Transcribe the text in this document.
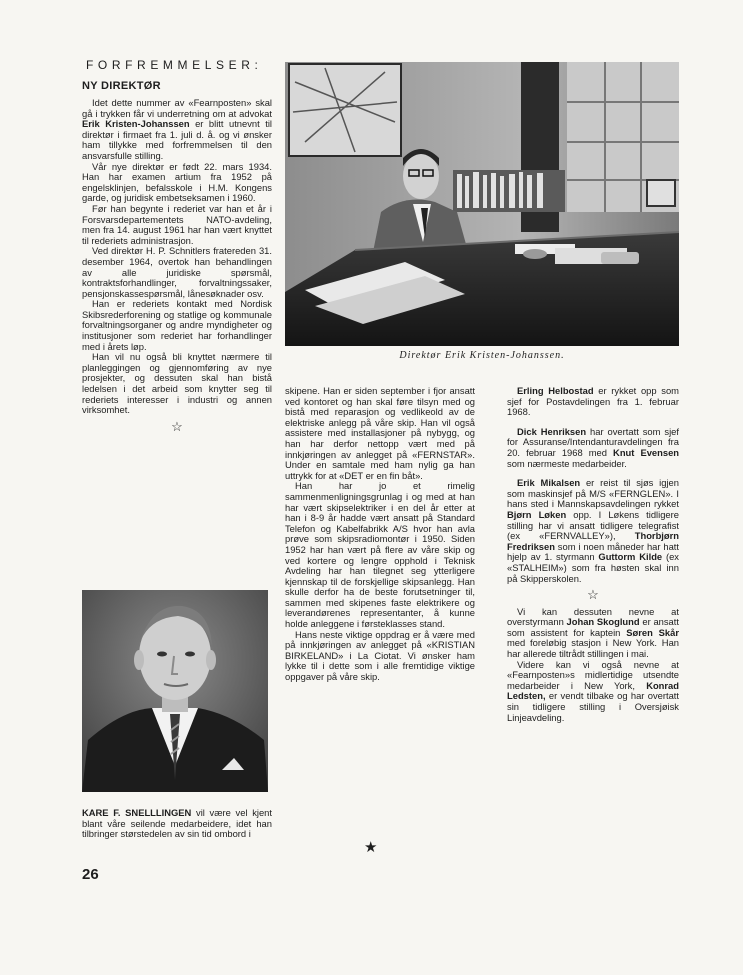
FORFREMMELSER:
NY DIREKTØR

Idet dette nummer av «Fearnposten» skal gå i trykken får vi underretning om at advokat Erik Kristen-Johanssen er blitt utnevnt til direktør i firmaet fra 1. juli d. å. og vi ønsker ham tillykke med forfremmelsen til den ansvarsfulle stilling.

Vår nye direktør er født 22. mars 1934. Han har examen artium fra 1952 på engelsklinjen, befalsskole i H.M. Kongens garde, og juridisk embetseksamen i 1960.

Før han begynte i rederiet var han et år i Forsvarsdepartementets NATO-avdeling, men fra 14. august 1961 har han vært knyttet til rederiets administrasjon.

Ved direktør H. P. Schnitlers fratereden 31. desember 1964, overtok han behandlingen av alle juridiske spørsmål, kontraktsforhandlinger, forvaltningssaker, pensjonskassespørsmål, lånesøknader osv.

Han er rederiets kontakt med Nordisk Skibsrederforening og statlige og kommunale forvaltningsorganer og andre myndigheter og institusjoner som rederiet har forhandlinger med i årets løp.

Han vil nu også bli knyttet nærmere til planleggingen og gjennomføring av nye prosjekter, og dessuten skal han bistå ledelsen i det arbeid som knytter seg til rederiets interesser i industri og annen virksomhet.

☆

Direktør Erik Kristen-Johanssen.

skipene. Han er siden september i fjor ansatt ved kontoret og han skal føre tilsyn med og bistå med reparasjon og vedlikeold av de elektriske anlegg på våre skip. Han vil også assistere med installasjoner på nybygg, og han har derfor nettopp vært med på innkjøringen av anlegget på «FERNSTAR». Under en samtale med ham nylig ga han uttrykk for at «DET er en fin båt».

Han har jo et rimelig sammenmenligningsgrunlag i og med at han har vært skipselektriker i en del år etter at han i 8-9 år hadde vært ansatt på Standard Telefon og Kabelfabrikk A/S hvor han avla prøve som skipsradiomontør i 1950. Siden 1952 har han vært på flere av våre skip og ved kortere og lengre opphold i Teknisk Avdeling har han tilegnet seg ytterligere kjennskap til de forskjellige skipsanlegg. Han skulle derfor ha de beste forutsetninger til, sammen med skipenes faste elektrikere og leverandørenes representanter, å kunne holde anleggene i førsteklasses stand.

Hans neste viktige oppdrag er å være med på innkjøringen av anlegget på «KRISTIAN BIRKELAND» i La Ciotat. Vi ønsker ham lykke til i dette som i alle fremtidige viktige oppgaver på våre skip.

KARE F. SNELLLINGEN vil være vel kjent blant våre seilende medarbeidere, idet han tilbringer størstedelen av sin tid ombord i

Erling Helbostad er rykket opp som sjef for Postavdelingen fra 1. februar 1968.

Dick Henriksen har overtatt som sjef for Assuranse/Intendanturavdelingen fra 20. februar 1968 med Knut Evensen som nærmeste medarbeider.

Erik Mikalsen er reist til sjøs igjen som maskinsjef på M/S «FERNGLEN». I hans sted i Mannskapsavdelingen rykket Bjørn Løken opp. I Løkens tidligere stilling har vi ansatt tidligere telegrafist (ex «FERNVALLEY»), Thorbjørn Fredriksen som i noen måneder har hatt hjelp av 1. styrmann Guttorm Kilde (ex «STALHEIM») som fra høsten skal inn på Skipperskolen.

☆

Vi kan dessuten nevne at overstyrmann Johan Skoglund er ansatt som assistent for kaptein Søren Skår med foreløbig stasjon i New York. Han har allerede tiltrådt stillingen i mai.

Videre kan vi også nevne at «Fearnposten»s midlertidige utsendte medarbeider i New York, Konrad Ledsten, er vendt tilbake og har overtatt sin tidligere stilling i Oversjøisk Linjeavdeling.

★
26
